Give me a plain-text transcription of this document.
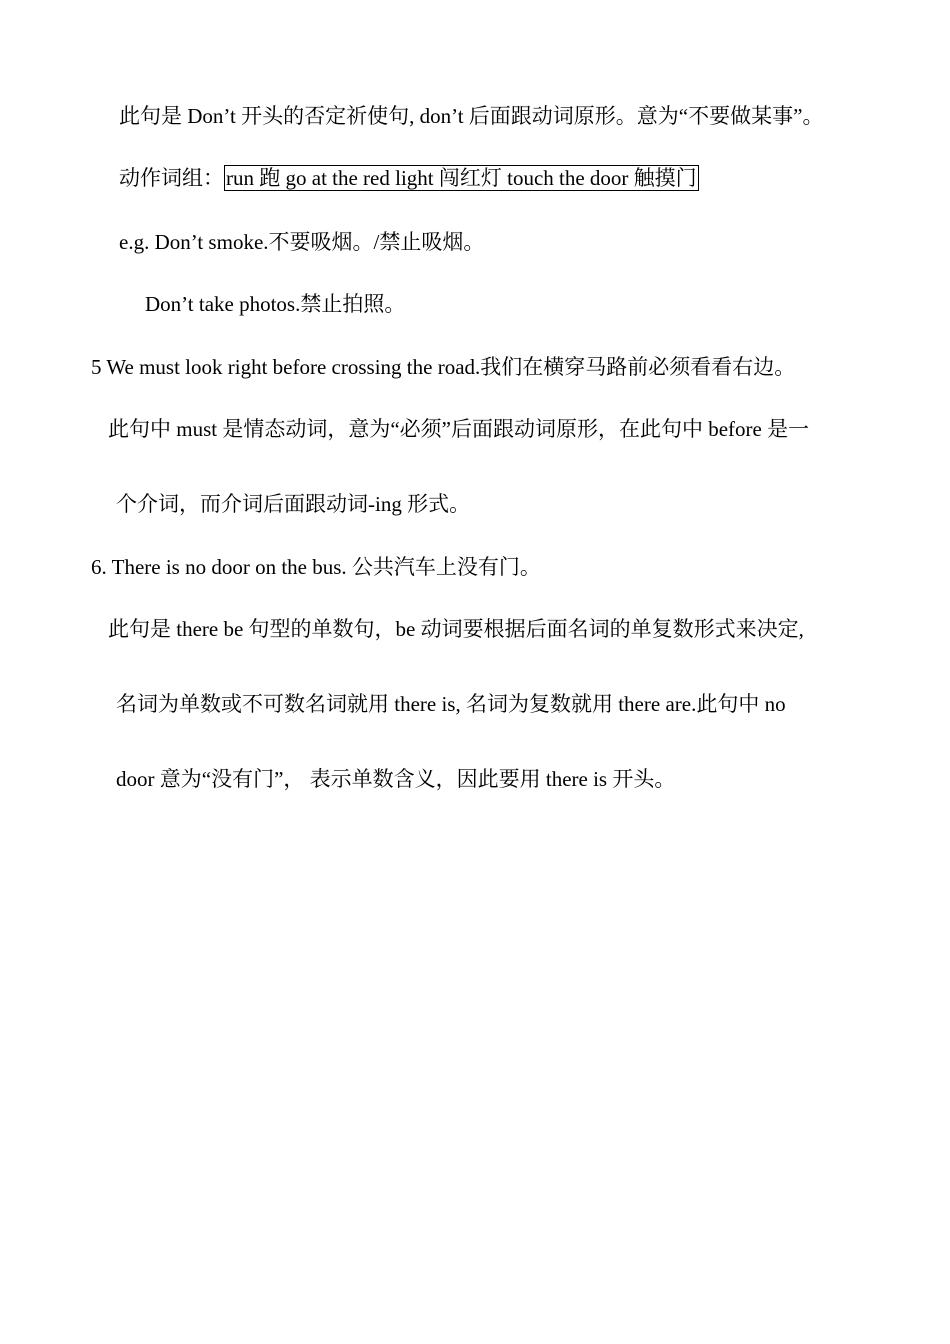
此句是 Don’t 开头的否定祈使句, don’t 后面跟动词原形。意为“不要做某事”。
动作词组：run 跑 go at the red light 闯红灯 touch the door 触摸门
e.g. Don’t smoke.不要吸烟。/禁止吸烟。
Don’t take photos.禁止拍照。
5 We must look right before crossing the road.我们在横穿马路前必须看看右边。
此句中 must 是情态动词，意为“必须”后面跟动词原形，在此句中 before 是一
个介词，而介词后面跟动词-ing 形式。
6. There is no door on the bus. 公共汽车上没有门。
此句是 there be 句型的单数句，be 动词要根据后面名词的单复数形式来决定,
名词为单数或不可数名词就用 there is, 名词为复数就用 there are.此句中 no
door 意为“没有门”， 表示单数含义，因此要用 there is 开头。
